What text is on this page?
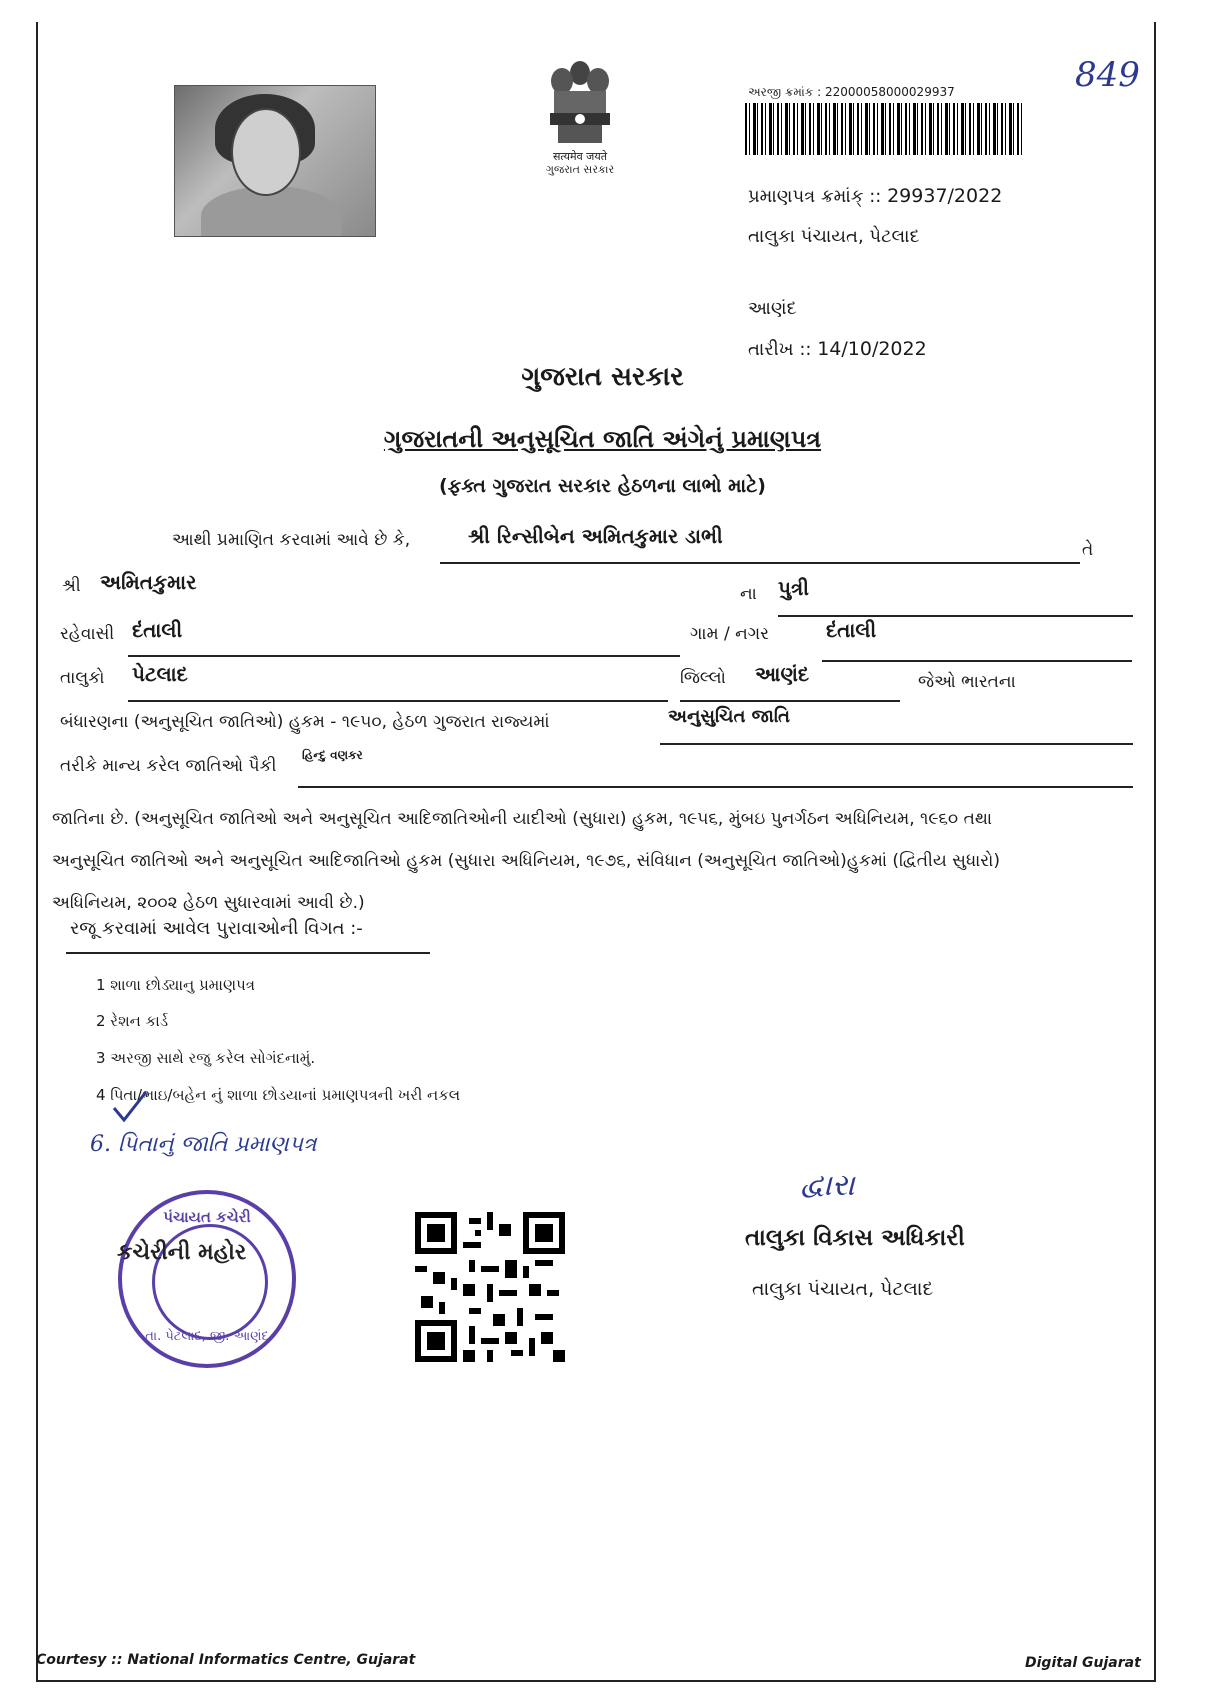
सत्यमेव जयते
ગુજરાત સરકાર
અરજી ક્રમાંક : 22000058000029937	849
પ્રમાણપત્ર ક્રમાંક્ :: 29937/2022
તાલુકા પંચાયત, પેટલાદ
આણંદ
તારીખ :: 14/10/2022
ગુજરાત સરકાર
ગુજરાતની અનુસૂચિત જાતિ અંગેનું પ્રમાણપત્ર
(ફક્ત ગુજરાત સરકાર હેઠળના લાભો માટે)
આથી પ્રમાણિત કરવામાં આવે છે કે,	શ્રી રિન્સીબેન અમિતકુમાર ડાભી
તે
શ્રી અમિતકુમાર	ના પુત્રી
રહેવાસી દંતાલી	ગામ / નગર	દંતાલી
તાલુકો પેટલાદ	જિલ્લો આણંદ	જેઓ ભારતના
બંધારણના (અનુસૂચિત જાતિઓ) હુકમ - ૧૯૫૦, હેઠળ ગુજરાત રાજ્યમાં	અનુસુચિત જાતિ
તરીકે માન્ય કરેલ જાતિઓ પૈકી
હિન્દુ વણકર
જાતિના છે. (અનુસૂચિત જાતિઓ અને અનુસૂચિત આદિજાતિઓની યાદીઓ (સુધારા) હુકમ, ૧૯૫૬, મુંબઇ પુનર્ગઠન અધિનિયમ, ૧૯૬૦ તથા
અનુસૂચિત જાતિઓ અને અનુસૂચિત આદિજાતિઓ હુકમ (સુધારા અધિનિયમ, ૧૯૭૬, સંવિધાન (અનુસૂચિત જાતિઓ)હુકમાં (દ્વિતીય સુધારો)
અધિનિયમ, ૨૦૦૨ હેઠળ સુધારવામાં આવી છે.)
રજૂ કરવામાં આવેલ પુરાવાઓની વિગત :-
1 શાળા છોડ્યાનુ પ્રમાણપત્ર
2 રેશન કાર્ડ
3 અરજી સાથે રજુ કરેલ સોગંદનામું.
4 પિતા/ભાઇ/બહેન નું શાળા છોડયાનાં પ્રમાણપત્રની ખરી નકલ
6. પિતાનું જાતિ પ્રમાણપત્ર
પંચાયત કચેરી
તા. પેટલાદ, જી. આણંદ
કચેરીની મહોર
દ્વારા
તાલુકા વિકાસ અધિકારી
તાલુકા પંચાયત, પેટલાદ
Courtesy :: National Informatics Centre, Gujarat	Digital Gujarat
